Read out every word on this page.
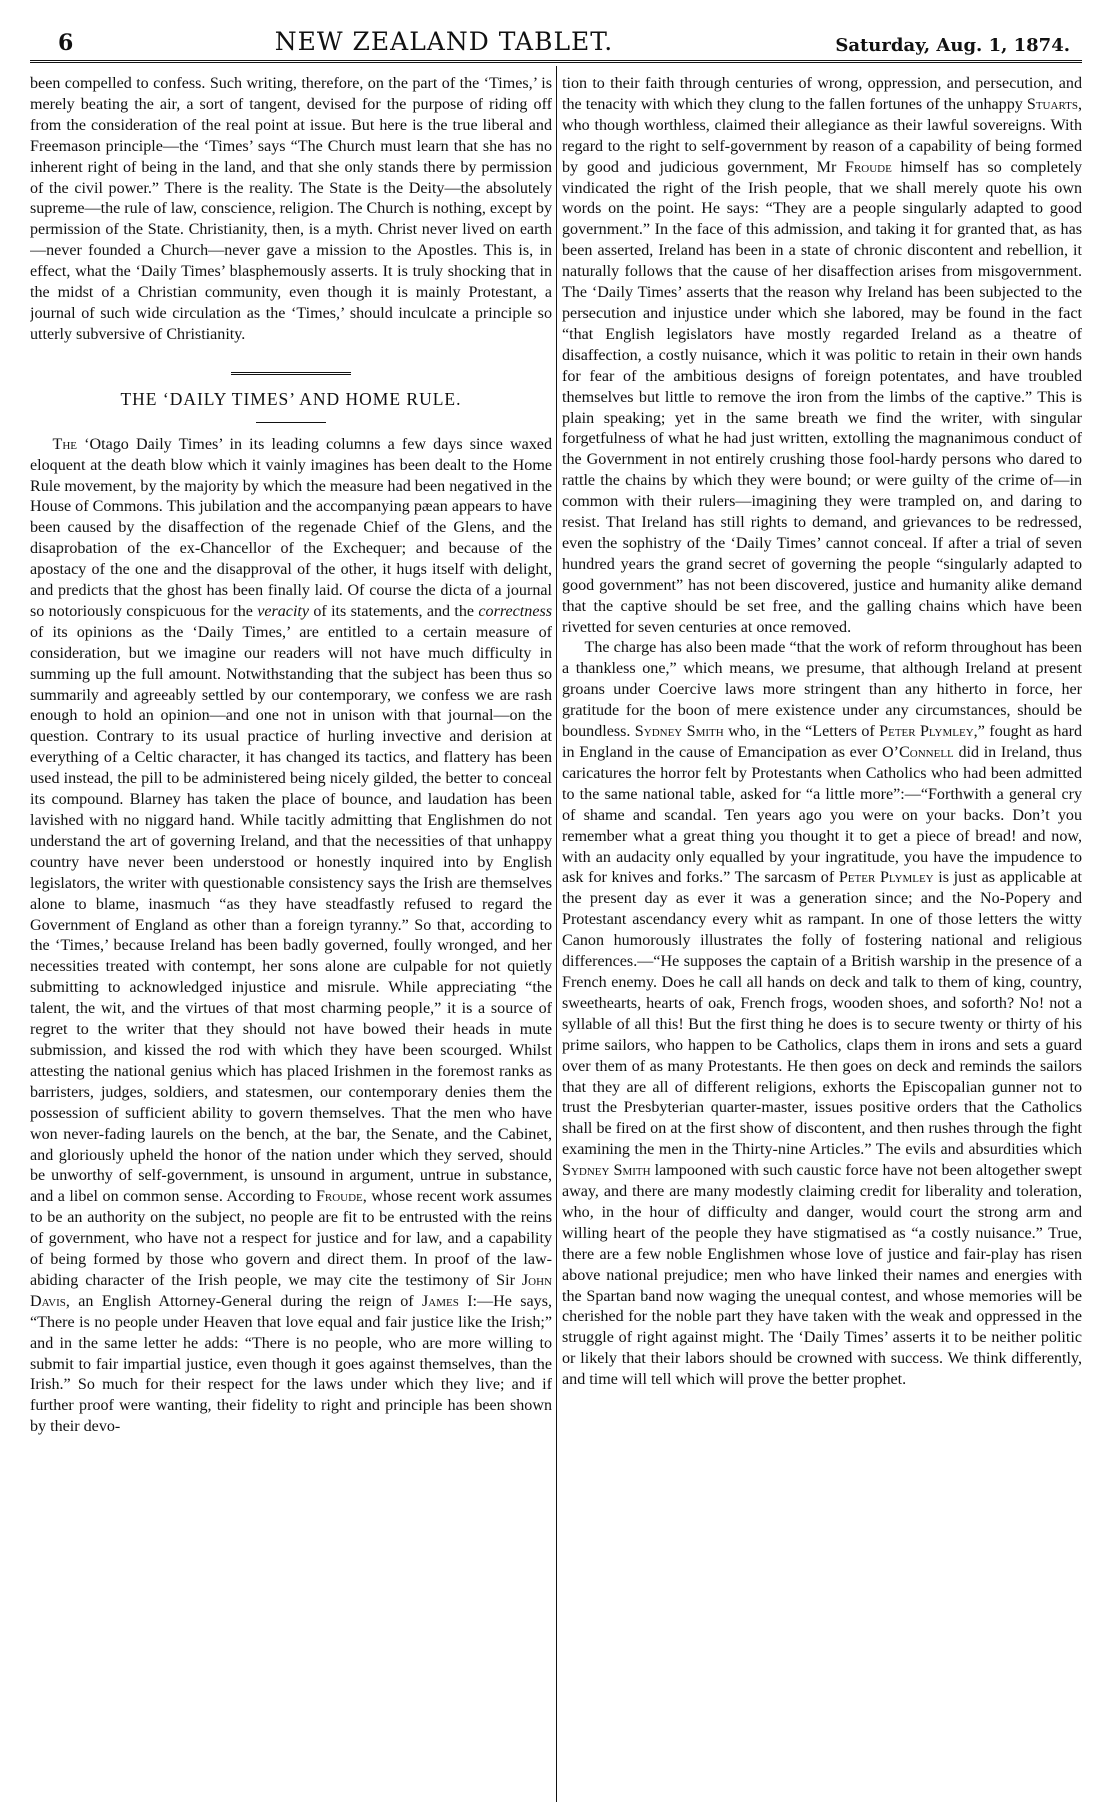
6	NEW ZEALAND TABLET.	Saturday, Aug. 1, 1874.

been compelled to confess. Such writing, therefore, on the part of the ‘Times,’ is merely beating the air, a sort of tangent, devised for the purpose of riding off from the consideration of the real point at issue. But here is the true liberal and Freemason principle—the ‘Times’ says “The Church must learn that she has no inherent right of being in the land, and that she only stands there by permission of the civil power.” There is the reality. The State is the Deity—the absolutely supreme—the rule of law, conscience, religion. The Church is nothing, except by permission of the State. Christianity, then, is a myth. Christ never lived on earth—never founded a Church—never gave a mission to the Apostles. This is, in effect, what the ‘Daily Times’ blasphemously asserts. It is truly shocking that in the midst of a Christian community, even though it is mainly Protestant, a journal of such wide circulation as the ‘Times,’ should inculcate a principle so utterly subversive of Christianity.

THE ‘DAILY TIMES’ AND HOME RULE.

The ‘Otago Daily Times’ in its leading columns a few days since waxed eloquent at the death blow which it vainly imagines has been dealt to the Home Rule movement, by the majority by which the measure had been negatived in the House of Commons. This jubilation and the accompanying pæan appears to have been caused by the disaffection of the regenade Chief of the Glens, and the disaprobation of the ex-Chancellor of the Exchequer; and because of the apostacy of the one and the disapproval of the other, it hugs itself with delight, and predicts that the ghost has been finally laid. Of course the dicta of a journal so notoriously conspicuous for the veracity of its statements, and the correctness of its opinions as the ‘Daily Times,’ are entitled to a certain measure of consideration, but we imagine our readers will not have much difficulty in summing up the full amount. Notwithstanding that the subject has been thus so summarily and agreeably settled by our contemporary, we confess we are rash enough to hold an opinion—and one not in unison with that journal—on the question. Contrary to its usual practice of hurling invective and derision at everything of a Celtic character, it has changed its tactics, and flattery has been used instead, the pill to be administered being nicely gilded, the better to conceal its compound. Blarney has taken the place of bounce, and laudation has been lavished with no niggard hand. While tacitly admitting that Englishmen do not understand the art of governing Ireland, and that the necessities of that unhappy country have never been understood or honestly inquired into by English legislators, the writer with questionable consistency says the Irish are themselves alone to blame, inasmuch “as they have steadfastly refused to regard the Government of England as other than a foreign tyranny.” So that, according to the ‘Times,’ because Ireland has been badly governed, foully wronged, and her necessities treated with contempt, her sons alone are culpable for not quietly submitting to acknowledged injustice and misrule. While appreciating “the talent, the wit, and the virtues of that most charming people,” it is a source of regret to the writer that they should not have bowed their heads in mute submission, and kissed the rod with which they have been scourged. Whilst attesting the national genius which has placed Irishmen in the foremost ranks as barristers, judges, soldiers, and statesmen, our contemporary denies them the possession of sufficient ability to govern themselves. That the men who have won never-fading laurels on the bench, at the bar, the Senate, and the Cabinet, and gloriously upheld the honor of the nation under which they served, should be unworthy of self-government, is unsound in argument, untrue in substance, and a libel on common sense. According to Froude, whose recent work assumes to be an authority on the subject, no people are fit to be entrusted with the reins of government, who have not a respect for justice and for law, and a capability of being formed by those who govern and direct them. In proof of the law-abiding character of the Irish people, we may cite the testimony of Sir John Davis, an English Attorney-General during the reign of James I:—He says, “There is no people under Heaven that love equal and fair justice like the Irish;” and in the same letter he adds: “There is no people, who are more willing to submit to fair impartial justice, even though it goes against themselves, than the Irish.” So much for their respect for the laws under which they live; and if further proof were wanting, their fidelity to right and principle has been shown by their devo-

tion to their faith through centuries of wrong, oppression, and persecution, and the tenacity with which they clung to the fallen fortunes of the unhappy Stuarts, who though worthless, claimed their allegiance as their lawful sovereigns. With regard to the right to self-government by reason of a capability of being formed by good and judicious government, Mr Froude himself has so completely vindicated the right of the Irish people, that we shall merely quote his own words on the point. He says: “They are a people singularly adapted to good government.” In the face of this admission, and taking it for granted that, as has been asserted, Ireland has been in a state of chronic discontent and rebellion, it naturally follows that the cause of her disaffection arises from misgovernment. The ‘Daily Times’ asserts that the reason why Ireland has been subjected to the persecution and injustice under which she labored, may be found in the fact “that English legislators have mostly regarded Ireland as a theatre of disaffection, a costly nuisance, which it was politic to retain in their own hands for fear of the ambitious designs of foreign potentates, and have troubled themselves but little to remove the iron from the limbs of the captive.” This is plain speaking; yet in the same breath we find the writer, with singular forgetfulness of what he had just written, extolling the magnanimous conduct of the Government in not entirely crushing those fool-hardy persons who dared to rattle the chains by which they were bound; or were guilty of the crime of—in common with their rulers—imagining they were trampled on, and daring to resist. That Ireland has still rights to demand, and grievances to be redressed, even the sophistry of the ‘Daily Times’ cannot conceal. If after a trial of seven hundred years the grand secret of governing the people “singularly adapted to good government” has not been discovered, justice and humanity alike demand that the captive should be set free, and the galling chains which have been rivetted for seven centuries at once removed.

The charge has also been made “that the work of reform throughout has been a thankless one,” which means, we presume, that although Ireland at present groans under Coercive laws more stringent than any hitherto in force, her gratitude for the boon of mere existence under any circumstances, should be boundless. Sydney Smith who, in the “Letters of Peter Plymley,” fought as hard in England in the cause of Emancipation as ever O’Connell did in Ireland, thus caricatures the horror felt by Protestants when Catholics who had been admitted to the same national table, asked for “a little more”:—“Forthwith a general cry of shame and scandal. Ten years ago you were on your backs. Don’t you remember what a great thing you thought it to get a piece of bread! and now, with an audacity only equalled by your ingratitude, you have the impudence to ask for knives and forks.” The sarcasm of Peter Plymley is just as applicable at the present day as ever it was a generation since; and the No-Popery and Protestant ascendancy every whit as rampant. In one of those letters the witty Canon humorously illustrates the folly of fostering national and religious differences.—“He supposes the captain of a British warship in the presence of a French enemy. Does he call all hands on deck and talk to them of king, country, sweethearts, hearts of oak, French frogs, wooden shoes, and soforth? No! not a syllable of all this! But the first thing he does is to secure twenty or thirty of his prime sailors, who happen to be Catholics, claps them in irons and sets a guard over them of as many Protestants. He then goes on deck and reminds the sailors that they are all of different religions, exhorts the Episcopalian gunner not to trust the Presbyterian quarter-master, issues positive orders that the Catholics shall be fired on at the first show of discontent, and then rushes through the fight examining the men in the Thirty-nine Articles.” The evils and absurdities which Sydney Smith lampooned with such caustic force have not been altogether swept away, and there are many modestly claiming credit for liberality and toleration, who, in the hour of difficulty and danger, would court the strong arm and willing heart of the people they have stigmatised as “a costly nuisance.” True, there are a few noble Englishmen whose love of justice and fair-play has risen above national prejudice; men who have linked their names and energies with the Spartan band now waging the unequal contest, and whose memories will be cherished for the noble part they have taken with the weak and oppressed in the struggle of right against might. The ‘Daily Times’ asserts it to be neither politic or likely that their labors should be crowned with success. We think differently, and time will tell which will prove the better prophet.
